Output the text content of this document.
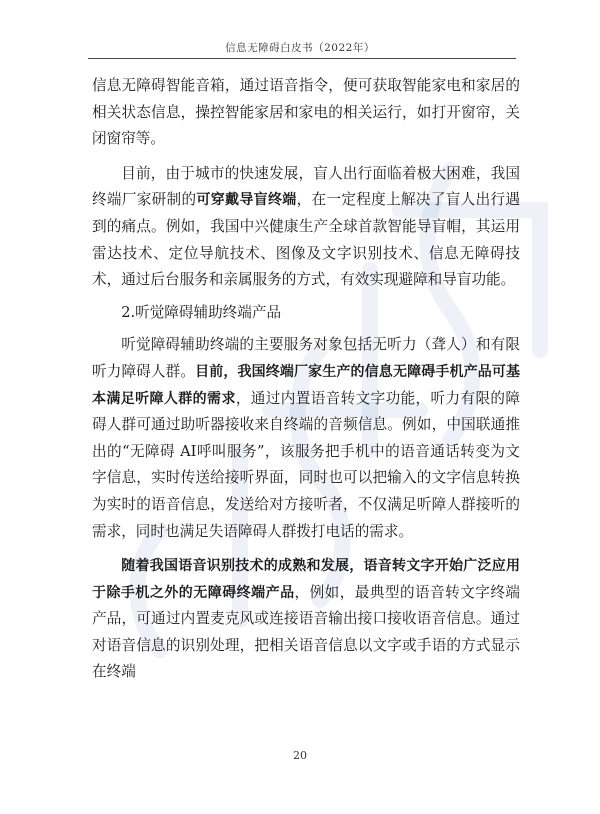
信息无障碍白皮书（2022年）

信息无障碍智能音箱，通过语音指令，便可获取智能家电和家居的相关状态信息，操控智能家居和家电的相关运行，如打开窗帘，关闭窗帘等。

目前，由于城市的快速发展，盲人出行面临着极大困难，我国终端厂家研制的可穿戴导盲终端，在一定程度上解决了盲人出行遇到的痛点。例如，我国中兴健康生产全球首款智能导盲帽，其运用雷达技术、定位导航技术、图像及文字识别技术、信息无障碍技术，通过后台服务和亲属服务的方式，有效实现避障和导盲功能。

2.听觉障碍辅助终端产品

听觉障碍辅助终端的主要服务对象包括无听力（聋人）和有限听力障碍人群。目前，我国终端厂家生产的信息无障碍手机产品可基本满足听障人群的需求，通过内置语音转文字功能，听力有限的障碍人群可通过助听器接收来自终端的音频信息。例如，中国联通推出的“无障碍 AI呼叫服务”，该服务把手机中的语音通话转变为文字信息，实时传送给接听界面，同时也可以把输入的文字信息转换为实时的语音信息，发送给对方接听者，不仅满足听障人群接听的需求，同时也满足失语障碍人群拨打电话的需求。

随着我国语音识别技术的成熟和发展，语音转文字开始广泛应用于除手机之外的无障碍终端产品，例如，最典型的语音转文字终端产品，可通过内置麦克风或连接语音输出接口接收语音信息。通过对语音信息的识别处理，把相关语音信息以文字或手语的方式显示在终端

20
